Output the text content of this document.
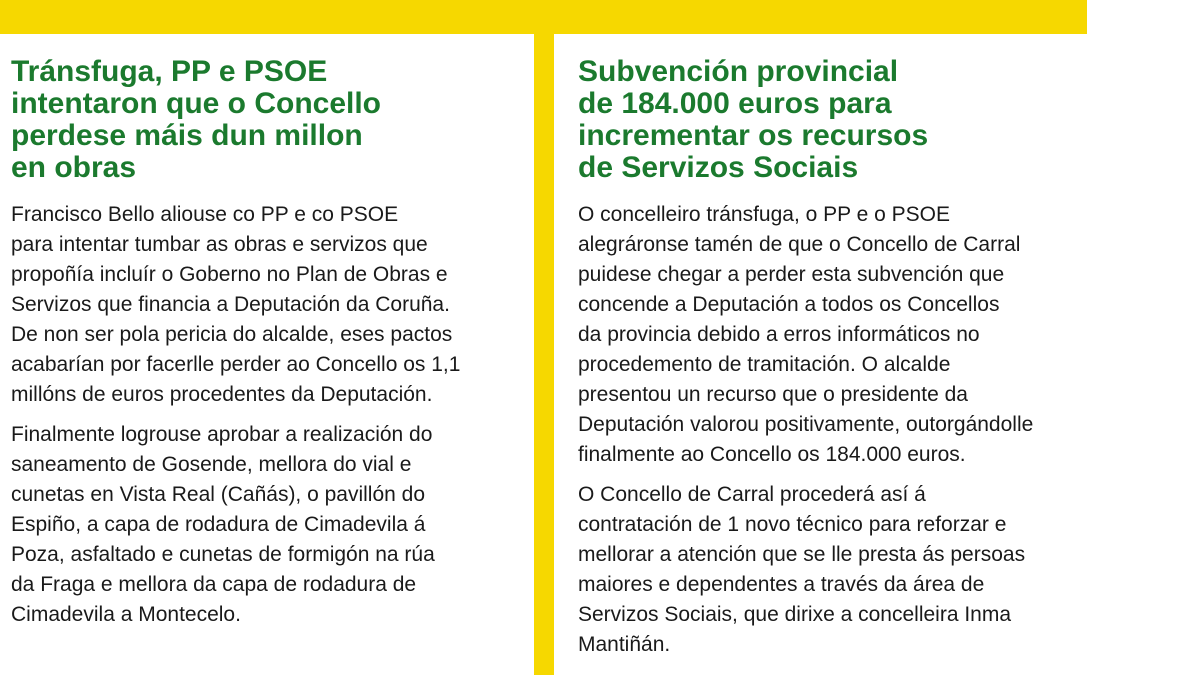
Tránsfuga, PP e PSOE
intentaron que o Concello
perdese máis dun millon
en obras

Francisco Bello aliouse co PP e co PSOE
para intentar tumbar as obras e servizos que
propoñía incluír o Goberno no Plan de Obras e
Servizos que financia a Deputación da Coruña.
De non ser pola pericia do alcalde, eses pactos
acabarían por facerlle perder ao Concello os 1,1
millóns de euros procedentes da Deputación.

Finalmente logrouse aprobar a realización do
saneamento de Gosende, mellora do vial e
cunetas en Vista Real (Cañás), o pavillón do
Espiño, a capa de rodadura de Cimadevila á
Poza, asfaltado e cunetas de formigón na rúa
da Fraga e mellora da capa de rodadura de
Cimadevila a Montecelo.

Subvención provincial
de 184.000 euros para
incrementar os recursos
de Servizos Sociais

O concelleiro tránsfuga, o PP e o PSOE
alegráronse tamén de que o Concello de Carral
puidese chegar a perder esta subvención que
concende a Deputación a todos os Concellos
da provincia debido a erros informáticos no
procedemento de tramitación. O alcalde
presentou un recurso que o presidente da
Deputación valorou positivamente, outorgándolle
finalmente ao Concello os 184.000 euros.

O Concello de Carral procederá así á
contratación de 1 novo técnico para reforzar e
mellorar a atención que se lle presta ás persoas
maiores e dependentes a través da área de
Servizos Sociais, que dirixe a concelleira Inma
Mantiñán.
